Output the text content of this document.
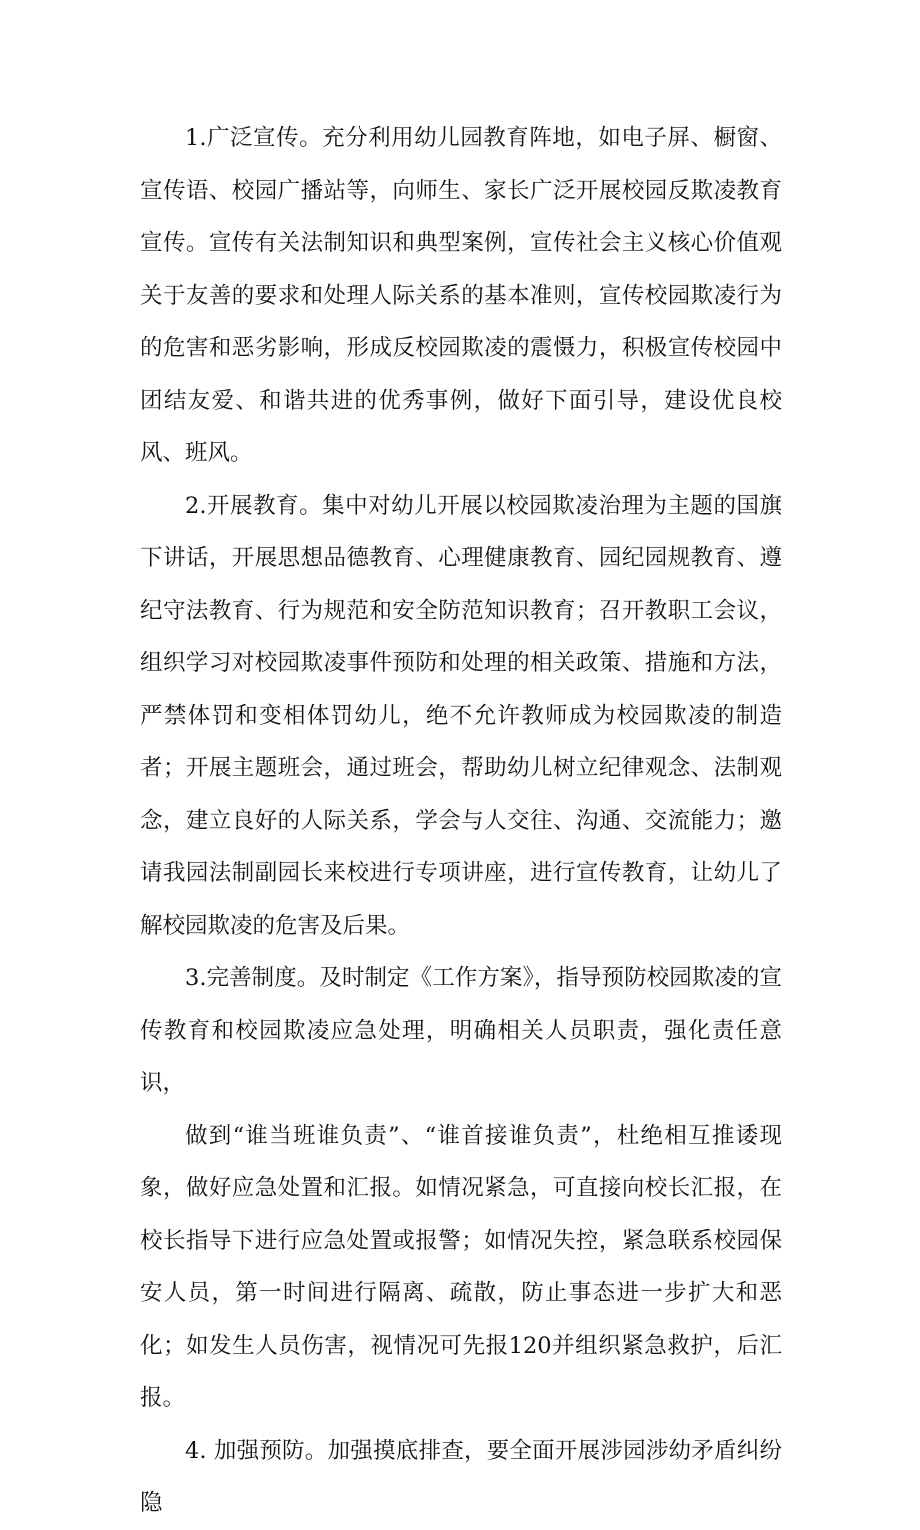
1.广泛宣传。充分利用幼儿园教育阵地，如电子屏、橱窗、宣传语、校园广播站等，向师生、家长广泛开展校园反欺凌教育宣传。宣传有关法制知识和典型案例，宣传社会主义核心价值观关于友善的要求和处理人际关系的基本准则，宣传校园欺凌行为的危害和恶劣影响，形成反校园欺凌的震慑力，积极宣传校园中团结友爱、和谐共进的优秀事例，做好下面引导，建设优良校风、班风。

2.开展教育。集中对幼儿开展以校园欺凌治理为主题的国旗下讲话，开展思想品德教育、心理健康教育、园纪园规教育、遵纪守法教育、行为规范和安全防范知识教育；召开教职工会议，组织学习对校园欺凌事件预防和处理的相关政策、措施和方法，严禁体罚和变相体罚幼儿，绝不允许教师成为校园欺凌的制造者；开展主题班会，通过班会，帮助幼儿树立纪律观念、法制观念，建立良好的人际关系，学会与人交往、沟通、交流能力；邀请我园法制副园长来校进行专项讲座，进行宣传教育，让幼儿了解校园欺凌的危害及后果。

3.完善制度。及时制定《工作方案》，指导预防校园欺凌的宣传教育和校园欺凌应急处理，明确相关人员职责，强化责任意识，

做到“谁当班谁负责”、“谁首接谁负责”，杜绝相互推诿现象，做好应急处置和汇报。如情况紧急，可直接向校长汇报，在校长指导下进行应急处置或报警；如情况失控，紧急联系校园保安人员，第一时间进行隔离、疏散，防止事态进一步扩大和恶化；如发生人员伤害，视情况可先报120并组织紧急救护，后汇报。

4. 加强预防。加强摸底排查，要全面开展涉园涉幼矛盾纠纷隐
